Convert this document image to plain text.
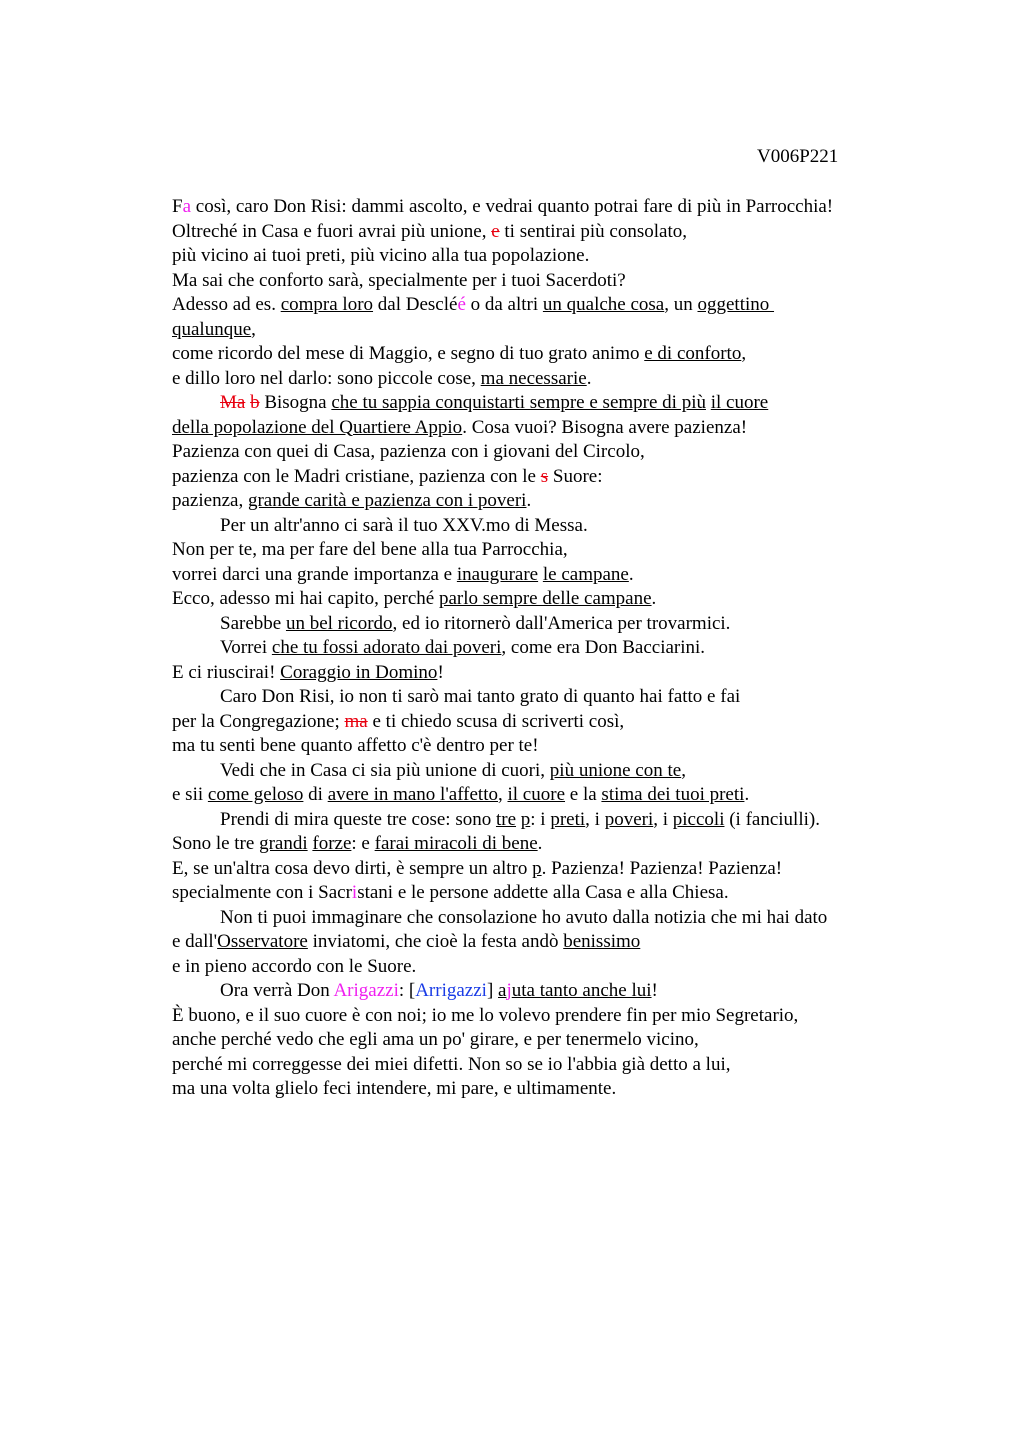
V006P221
Fa così, caro Don Risi: dammi ascolto, e vedrai quanto potrai fare di più in Parrocchia!
Oltreché in Casa e fuori avrai più unione, e ti sentirai più consolato,
più vicino ai tuoi preti, più vicino alla tua popolazione.
Ma sai che conforto sarà, specialmente per i tuoi Sacerdoti?
Adesso ad es. compra loro dal Descléé o da altri un qualche cosa, un oggettino
qualunque,
come ricordo del mese di Maggio, e segno di tuo grato animo e di conforto,
e dillo loro nel darlo: sono piccole cose, ma necessarie.
Ma b Bisogna che tu sappia conquistarti sempre e sempre di più il cuore
della popolazione del Quartiere Appio. Cosa vuoi? Bisogna avere pazienza!
Pazienza con quei di Casa, pazienza con i giovani del Circolo,
pazienza con le Madri cristiane, pazienza con le s Suore:
pazienza, grande carità e pazienza con i poveri.
Per un altr'anno ci sarà il tuo XXV.mo di Messa.
Non per te, ma per fare del bene alla tua Parrocchia,
vorrei darci una grande importanza e inaugurare le campane.
Ecco, adesso mi hai capito, perché parlo sempre delle campane.
Sarebbe un bel ricordo, ed io ritornerò dall'America per trovarmici.
Vorrei che tu fossi adorato dai poveri, come era Don Bacciarini.
E ci riuscirai! Coraggio in Domino!
Caro Don Risi, io non ti sarò mai tanto grato di quanto hai fatto e fai
per la Congregazione; ma e ti chiedo scusa di scriverti così,
ma tu senti bene quanto affetto c'è dentro per te!
Vedi che in Casa ci sia più unione di cuori, più unione con te,
e sii come geloso di avere in mano l'affetto, il cuore e la stima dei tuoi preti.
Prendi di mira queste tre cose: sono tre p: i preti, i poveri, i piccoli (i fanciulli).
Sono le tre grandi forze: e farai miracoli di bene.
E, se un'altra cosa devo dirti, è sempre un altro p. Pazienza! Pazienza! Pazienza!
specialmente con i Sacristani e le persone addette alla Casa e alla Chiesa.
Non ti puoi immaginare che consolazione ho avuto dalla notizia che mi hai dato
e dall'Osservatore inviatomi, che cioè la festa andò benissimo
e in pieno accordo con le Suore.
Ora verrà Don Arigazzi: [Arrigazzi] ajuta tanto anche lui!
È buono, e il suo cuore è con noi; io me lo volevo prendere fin per mio Segretario,
anche perché vedo che egli ama un po' girare, e per tenermelo vicino,
perché mi correggesse dei miei difetti. Non so se io l'abbia già detto a lui,
ma una volta glielo feci intendere, mi pare, e ultimamente.
